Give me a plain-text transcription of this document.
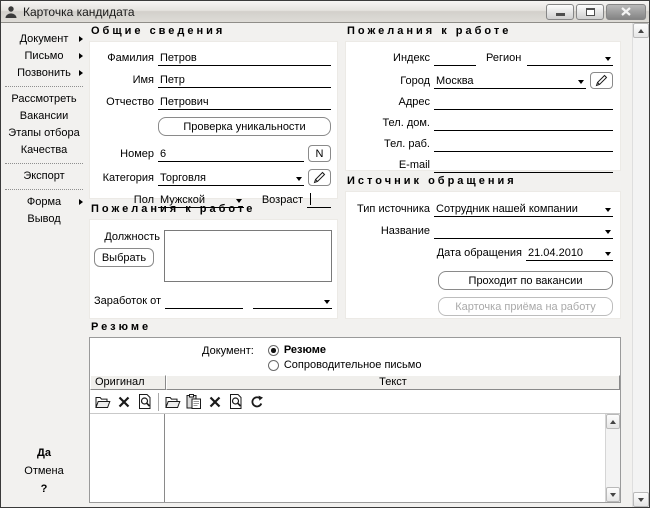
Карточка кандидата
Документ
Письмо
Позвонить
Рассмотреть
Вакансии
Этапы отбора
Качества
Экспорт
Форма
Вывод
Да
Отмена
?
Общие сведения
Фамилия
Петров
Имя
Петр
Отчество
Петрович
Проверка уникальности
Номер
6	N
Категория Торговля
Пол Мужской	Возраст
Пожелания к работе
Должность
Выбрать
Заработок от
Пожелания к работе
Индекс	Регион
Город Москва
Адрес
Тел. дом.
Тел. раб.
E-mail
Источник обращения
Тип источника Сотрудник нашей компании
Название
Дата обращения 21.04.2010
Проходит по вакансии
Карточка приёма на работу
Резюме
Документ:	Резюме
Сопроводительное письмо
Оригинал	Текст
